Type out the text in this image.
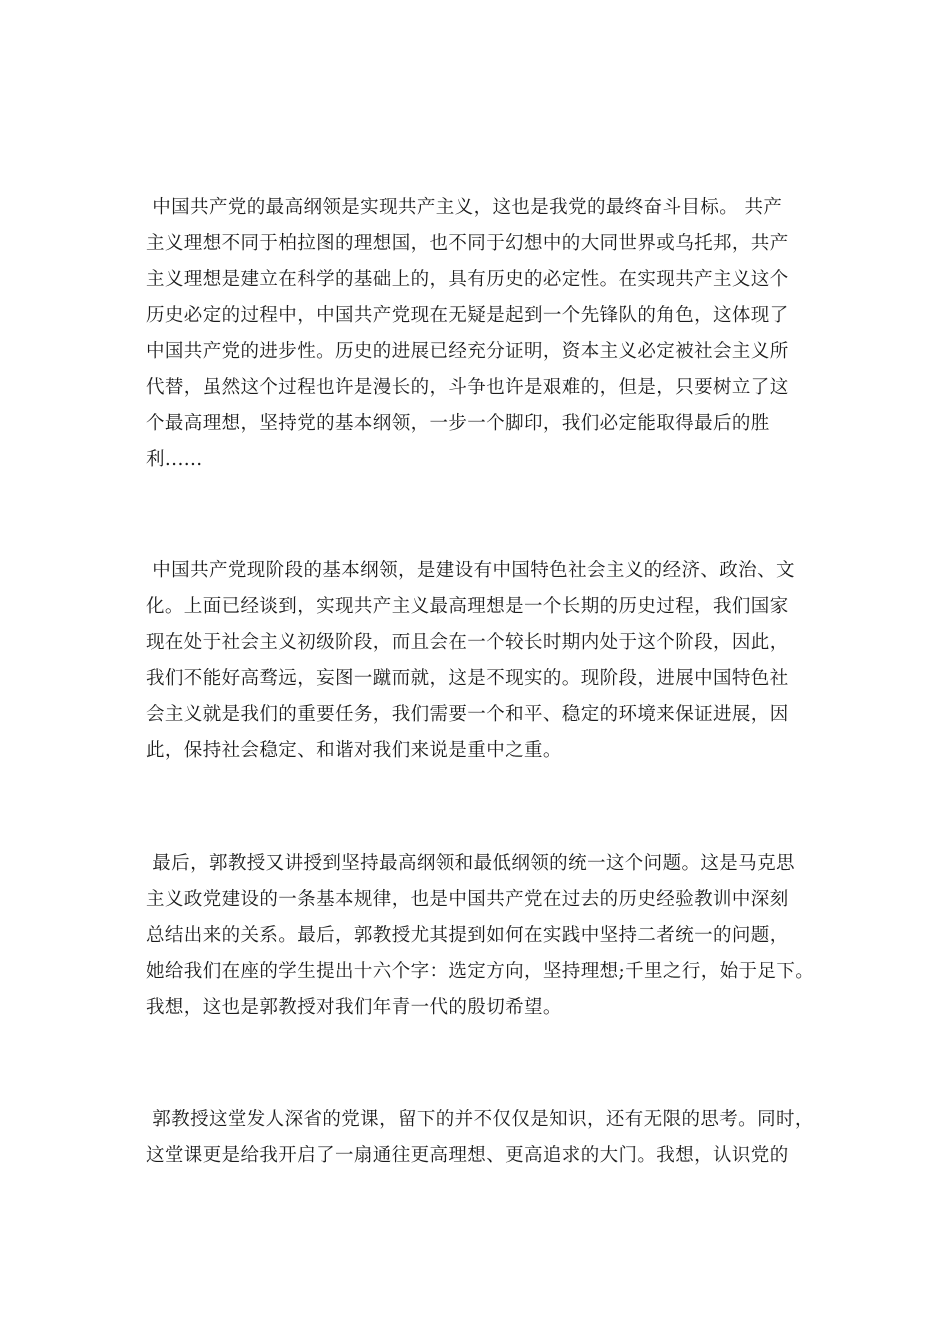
中国共产党的最高纲领是实现共产主义，这也是我党的最终奋斗目标。 共产
主义理想不同于柏拉图的理想国，也不同于幻想中的大同世界或乌托邦，共产
主义理想是建立在科学的基础上的，具有历史的必定性。在实现共产主义这个
历史必定的过程中，中国共产党现在无疑是起到一个先锋队的角色，这体现了
中国共产党的进步性。历史的进展已经充分证明，资本主义必定被社会主义所
代替，虽然这个过程也许是漫长的，斗争也许是艰难的，但是，只要树立了这
个最高理想，坚持党的基本纲领，一步一个脚印，我们必定能取得最后的胜
利......

中国共产党现阶段的基本纲领，是建设有中国特色社会主义的经济、政治、文
化。上面已经谈到，实现共产主义最高理想是一个长期的历史过程，我们国家
现在处于社会主义初级阶段，而且会在一个较长时期内处于这个阶段，因此，
我们不能好高骛远，妄图一蹴而就，这是不现实的。现阶段，进展中国特色社
会主义就是我们的重要任务，我们需要一个和平、稳定的环境来保证进展，因
此，保持社会稳定、和谐对我们来说是重中之重。

最后，郭教授又讲授到坚持最高纲领和最低纲领的统一这个问题。这是马克思
主义政党建设的一条基本规律，也是中国共产党在过去的历史经验教训中深刻
总结出来的关系。最后，郭教授尤其提到如何在实践中坚持二者统一的问题，
她给我们在座的学生提出十六个字：选定方向，坚持理想;千里之行，始于足下。
我想，这也是郭教授对我们年青一代的殷切希望。

郭教授这堂发人深省的党课，留下的并不仅仅是知识，还有无限的思考。同时，
这堂课更是给我开启了一扇通往更高理想、更高追求的大门。我想，认识党的
